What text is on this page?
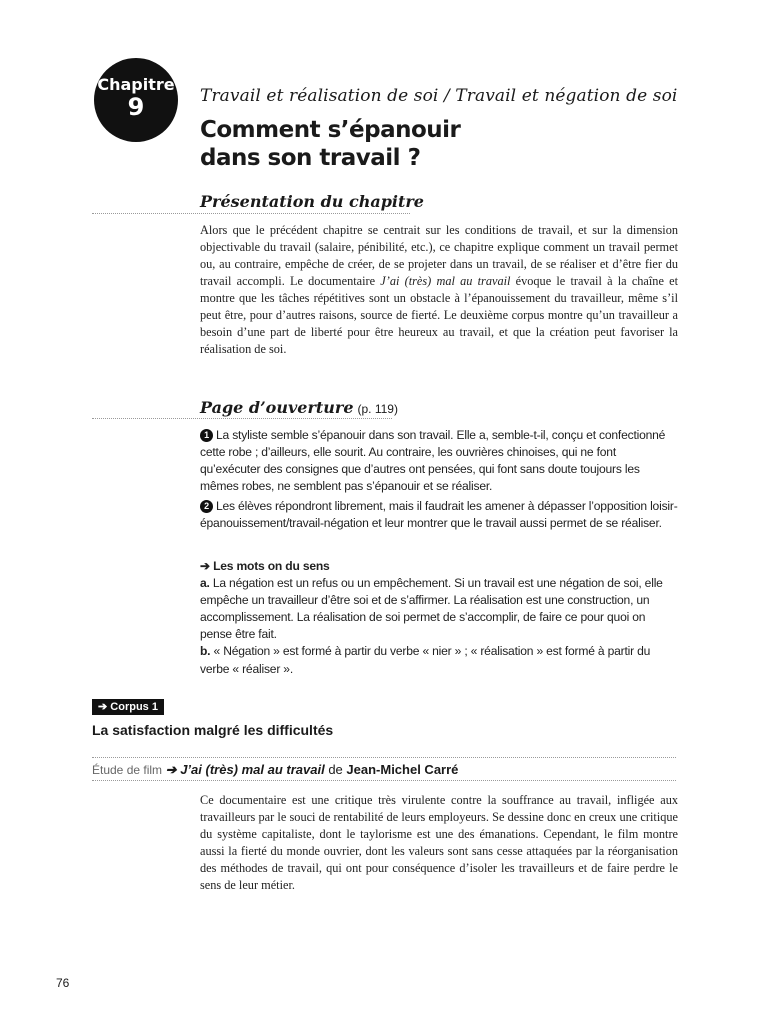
Chapitre
9	Travail et réalisation de soi / Travail et négation de soi
Comment s’épanouir
dans son travail ?
Présentation du chapitre
Alors que le précédent chapitre se centrait sur les conditions de travail, et sur la dimension objectivable du travail (salaire, pénibilité, etc.), ce chapitre explique comment un travail permet ou, au contraire, empêche de créer, de se projeter dans un travail, de se réaliser et d’être fier du travail accompli. Le documentaire J’ai (très) mal au travail évoque le travail à la chaîne et montre que les tâches répétitives sont un obstacle à l’épanouissement du travailleur, même s’il peut être, pour d’autres raisons, source de fierté. Le deuxième corpus montre qu’un travailleur a besoin d’une part de liberté pour être heureux au travail, et que la création peut favoriser la réalisation de soi.
Page d’ouverture (p. 119)

1 La styliste semble s’épanouir dans son travail. Elle a, semble-t-il, conçu et confectionné cette robe ; d’ailleurs, elle sourit. Au contraire, les ouvrières chinoises, qui ne font qu’exécuter des consignes que d’autres ont pensées, qui font sans doute toujours les mêmes robes, ne semblent pas s’épanouir et se réaliser.

2 Les élèves répondront librement, mais il faudrait les amener à dépasser l’opposition loisir-épanouissement/travail-négation et leur montrer que le travail aussi permet de se réaliser.

➔ Les mots on du sens

a. La négation est un refus ou un empêchement. Si un travail est une négation de soi, elle empêche un travailleur d’être soi et de s’affirmer. La réalisation est une construction, un accomplissement. La réalisation de soi permet de s’accomplir, de faire ce pour quoi on pense être fait.

b. « Négation » est formé à partir du verbe « nier » ; « réalisation » est formé à partir du verbe « réaliser ».

➔ Corpus 1
La satisfaction malgré les difficultés
Étude de film ➔ J’ai (très) mal au travail de Jean-Michel Carré
Ce documentaire est une critique très virulente contre la souffrance au travail, infligée aux travailleurs par le souci de rentabilité de leurs employeurs. Se dessine donc en creux une critique du système capitaliste, dont le taylorisme est une des émanations. Cependant, le film montre aussi la fierté du monde ouvrier, dont les valeurs sont sans cesse attaquées par la réorganisation des méthodes de travail, qui ont pour conséquence d’isoler les travailleurs et de faire perdre le sens de leur métier.
76
